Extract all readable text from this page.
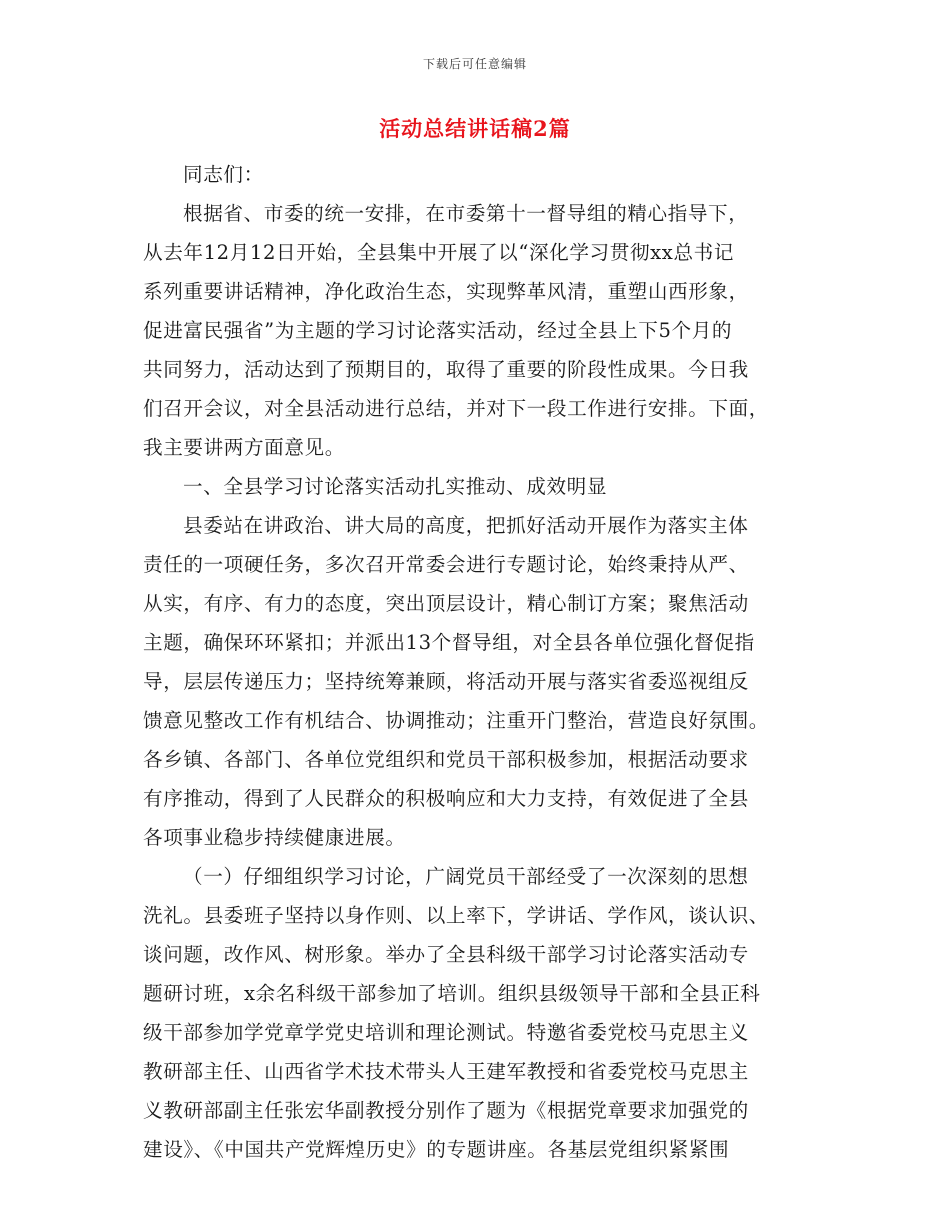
下载后可任意编辑
活动总结讲话稿2篇
同志们：
根据省、市委的统一安排，在市委第十一督导组的精心指导下，
从去年12月12日开始，全县集中开展了以“深化学习贯彻xx总书记
系列重要讲话精神，净化政治生态，实现弊革风清，重塑山西形象，
促进富民强省”为主题的学习讨论落实活动，经过全县上下5个月的
共同努力，活动达到了预期目的，取得了重要的阶段性成果。今日我
们召开会议，对全县活动进行总结，并对下一段工作进行安排。下面，
我主要讲两方面意见。
一、全县学习讨论落实活动扎实推动、成效明显
县委站在讲政治、讲大局的高度，把抓好活动开展作为落实主体
责任的一项硬任务，多次召开常委会进行专题讨论，始终秉持从严、
从实，有序、有力的态度，突出顶层设计，精心制订方案；聚焦活动
主题，确保环环紧扣；并派出13个督导组，对全县各单位强化督促指
导，层层传递压力；坚持统筹兼顾，将活动开展与落实省委巡视组反
馈意见整改工作有机结合、协调推动；注重开门整治，营造良好氛围。
各乡镇、各部门、各单位党组织和党员干部积极参加，根据活动要求
有序推动，得到了人民群众的积极响应和大力支持，有效促进了全县
各项事业稳步持续健康进展。
（一）仔细组织学习讨论，广阔党员干部经受了一次深刻的思想
洗礼。县委班子坚持以身作则、以上率下，学讲话、学作风，谈认识、
谈问题，改作风、树形象。举办了全县科级干部学习讨论落实活动专
题研讨班，x余名科级干部参加了培训。组织县级领导干部和全县正科
级干部参加学党章学党史培训和理论测试。特邀省委党校马克思主义
教研部主任、山西省学术技术带头人王建军教授和省委党校马克思主
义教研部副主任张宏华副教授分别作了题为《根据党章要求加强党的
建设》、《中国共产党辉煌历史》的专题讲座。各基层党组织紧紧围
